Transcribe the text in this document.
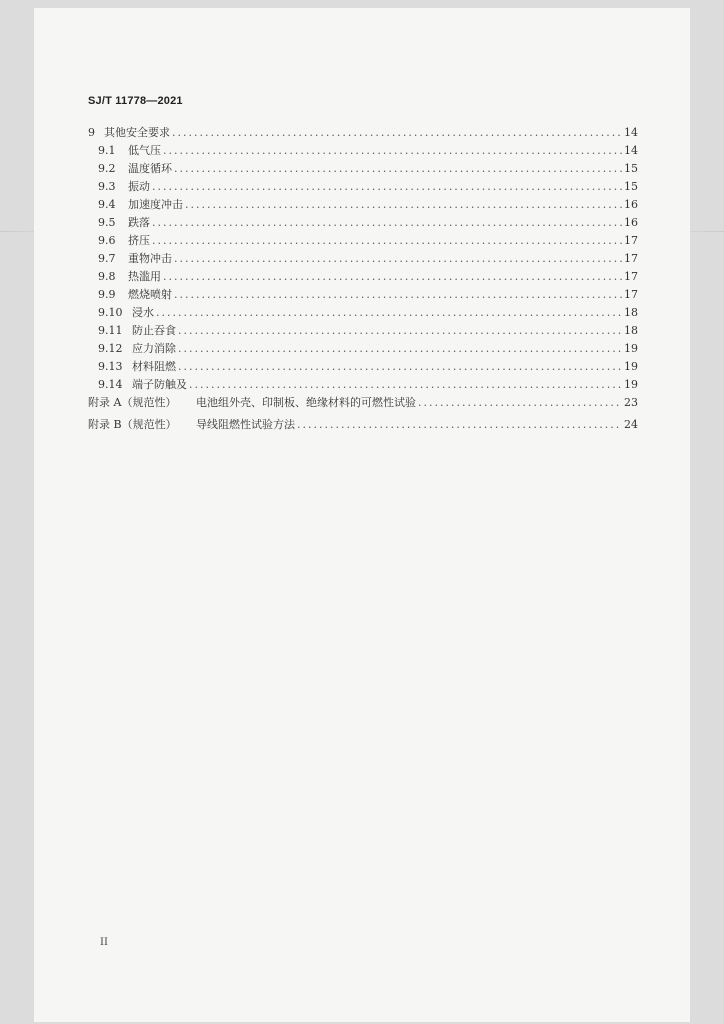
SJ/T 11778—2021
9 其他安全要求 .....	14
9.1	低气压 .....	14
9.2	温度循环 .....	15
9.3	振动 .....	15
9.4	加速度冲击 .....	16
9.5	跌落 .....	16
9.6	挤压 .....	17
9.7	重物冲击 .....	17
9.8	热滥用 .....	17
9.9	燃烧喷射 .....	17
9.10 浸水 .....	18
9.11 防止吞食 .....	18
9.12 应力消除 .....	19
9.13 材料阻燃 .....	19
9.14 端子防触及 .....	19
附录 A（规范性）	电池组外壳、印制板、绝缘材料的可燃性试验 .....	23
附录 B（规范性）	导线阻燃性试验方法 .....	24
II
